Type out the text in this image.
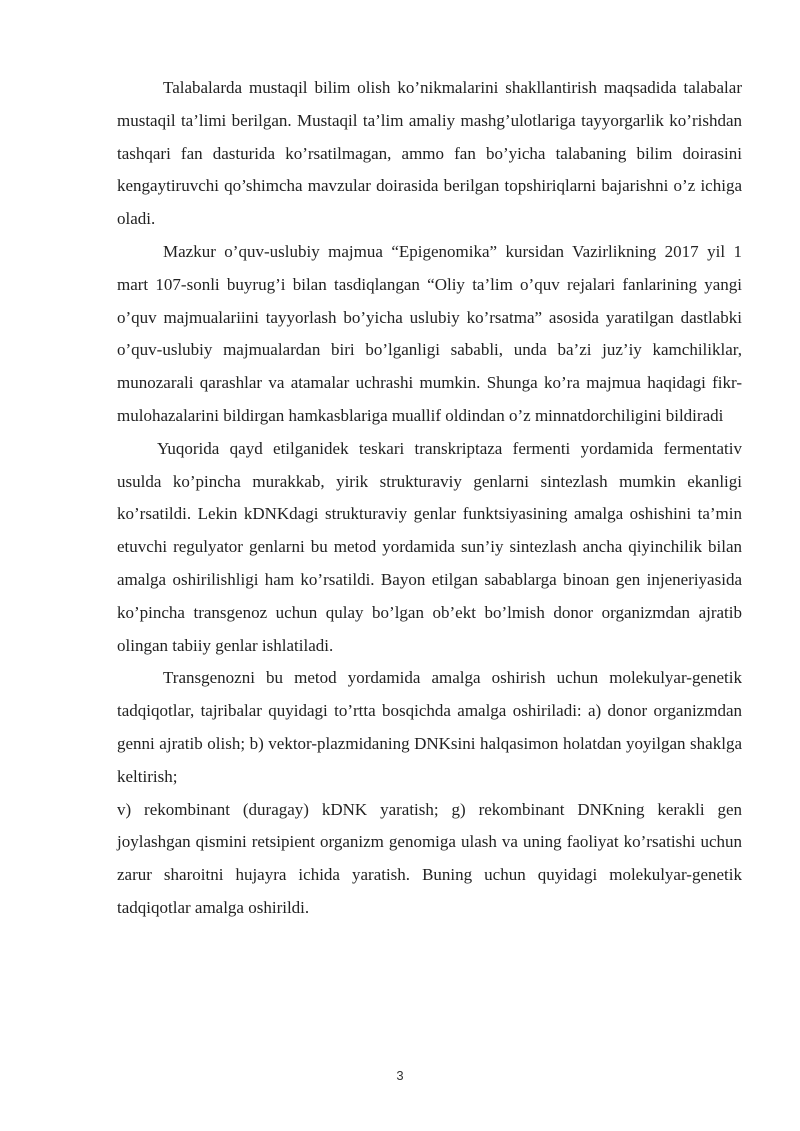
Talabalarda mustaqil bilim olish ko’nikmalarini shakllantirish maqsadida talabalar mustaqil ta’limi berilgan. Mustaqil ta’lim amaliy mashg’ulotlariga tayyorgarlik ko’rishdan tashqari fan dasturida ko’rsatilmagan, ammo fan bo’yicha talabaning bilim doirasini kengaytiruvchi qo’shimcha mavzular doirasida berilgan topshiriqlarni bajarishni o’z ichiga oladi.

Mazkur o’quv-uslubiy majmua “Epigenomika” kursidan Vazirlikning 2017 yil 1 mart 107-sonli buyrug’i bilan tasdiqlangan “Oliy ta’lim o’quv rejalari fanlarining yangi o’quv majmualariini tayyorlash bo’yicha uslubiy ko’rsatma” asosida yaratilgan dastlabki o’quv-uslubiy majmualardan biri bo’lganligi sababli, unda ba’zi juz’iy kamchiliklar, munozarali qarashlar va atamalar uchrashi mumkin. Shunga ko’ra majmua haqidagi fikr-mulohazalarini bildirgan hamkasblariga muallif oldindan o’z minnatdorchiligini bildiradi

Yuqorida qayd etilganidek teskari transkriptaza fermenti yordamida fermentativ usulda ko’pincha murakkab, yirik strukturaviy genlarni sintezlash mumkin ekanligi ko’rsatildi. Lekin kDNKdagi strukturaviy genlar funktsiyasining amalga oshishini ta’min etuvchi regulyator genlarni bu metod yordamida sun’iy sintezlash ancha qiyinchilik bilan amalga oshirilishligi ham ko’rsatildi. Bayon etilgan sabablarga binoan gen injeneriyasida ko’pincha transgenoz uchun qulay bo’lgan ob’ekt bo’lmish donor organizmdan ajratib olingan tabiiy genlar ishlatiladi.

Transgenozni bu metod yordamida amalga oshirish uchun molekulyar-genetik tadqiqotlar, tajribalar quyidagi to’rtta bosqichda amalga oshiriladi: a) donor organizmdan genni ajratib olish; b) vektor-plazmidaning DNKsini halqasimon holatdan yoyilgan shaklga keltirish;

v) rekombinant (duragay) kDNK yaratish; g) rekombinant DNKning kerakli gen joylashgan qismini retsipient organizm genomiga ulash va uning faoliyat ko’rsatishi uchun zarur sharoitni hujayra ichida yaratish. Buning uchun quyidagi molekulyar-genetik tadqiqotlar amalga oshirildi.

3
